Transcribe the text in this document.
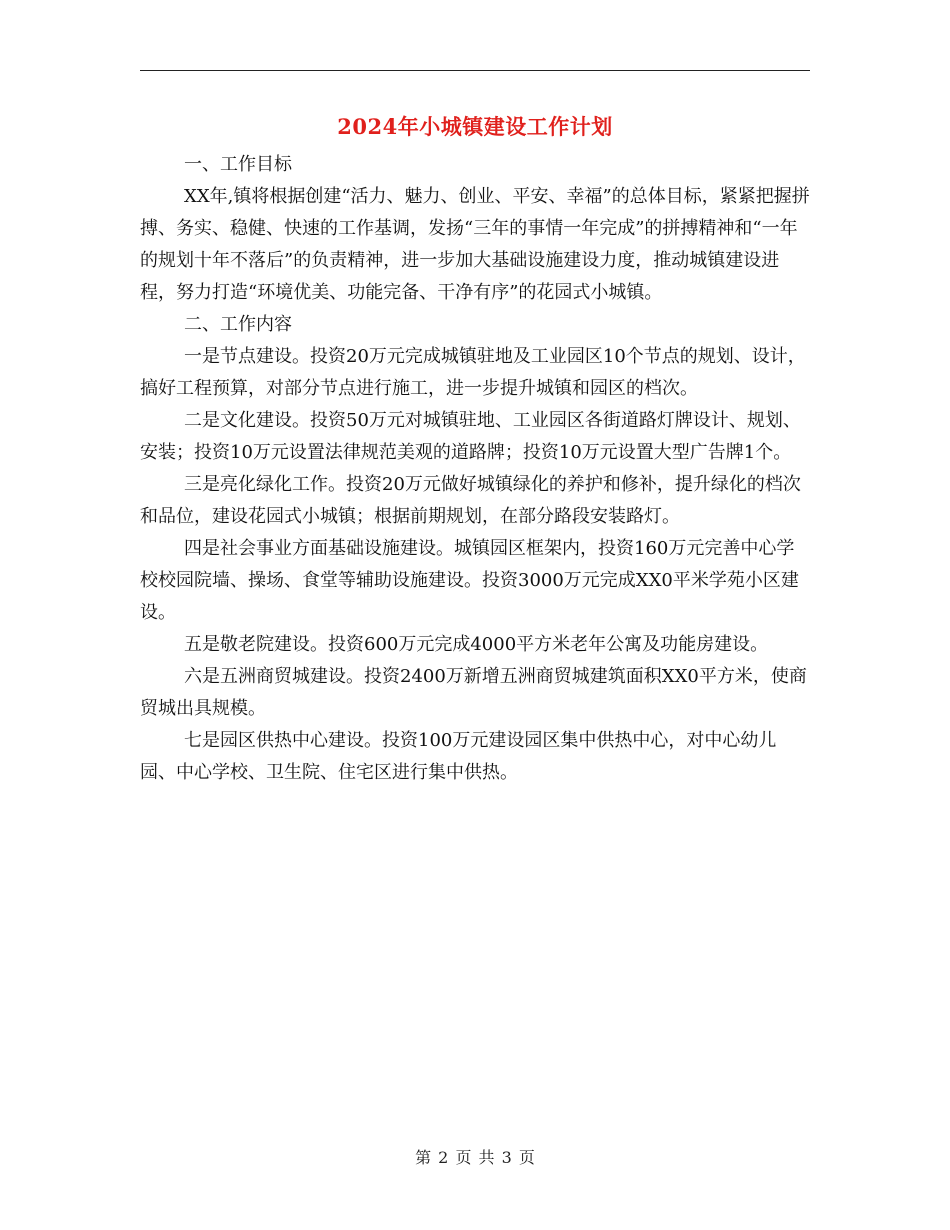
2024年小城镇建设工作计划

一、工作目标

XX年,镇将根据创建“活力、魅力、创业、平安、幸福”的总体目标，紧紧把握拼搏、务实、稳健、快速的工作基调，发扬“三年的事情一年完成”的拼搏精神和“一年的规划十年不落后”的负责精神，进一步加大基础设施建设力度，推动城镇建设进程，努力打造“环境优美、功能完备、干净有序”的花园式小城镇。

二、工作内容

一是节点建设。投资20万元完成城镇驻地及工业园区10个节点的规划、设计，搞好工程预算，对部分节点进行施工，进一步提升城镇和园区的档次。

二是文化建设。投资50万元对城镇驻地、工业园区各街道路灯牌设计、规划、安装；投资10万元设置法律规范美观的道路牌；投资10万元设置大型广告牌1个。

三是亮化绿化工作。投资20万元做好城镇绿化的养护和修补，提升绿化的档次和品位，建设花园式小城镇；根据前期规划，在部分路段安装路灯。

四是社会事业方面基础设施建设。城镇园区框架内，投资160万元完善中心学校校园院墙、操场、食堂等辅助设施建设。投资3000万元完成XX0平米学苑小区建设。

五是敬老院建设。投资600万元完成4000平方米老年公寓及功能房建设。

六是五洲商贸城建设。投资2400万新增五洲商贸城建筑面积XX0平方米，使商贸城出具规模。

七是园区供热中心建设。投资100万元建设园区集中供热中心，对中心幼儿园、中心学校、卫生院、住宅区进行集中供热。

第 2 页 共 3 页
